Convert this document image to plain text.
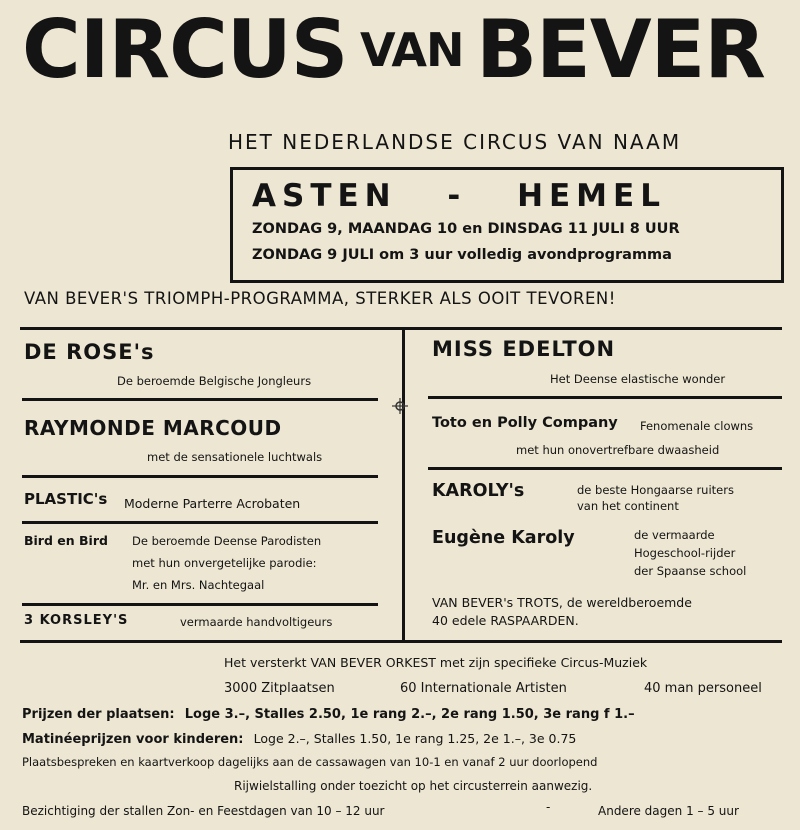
CIRCUS VAN BEVER
HET NEDERLANDSE CIRCUS VAN NAAM
ASTEN - HEMEL
ZONDAG 9, MAANDAG 10 en DINSDAG 11 JULI 8 UUR
ZONDAG 9 JULI om 3 uur volledig avondprogramma
VAN BEVER'S TRIOMPH-PROGRAMMA, STERKER ALS OOIT TEVOREN!
DE ROSE's
De beroemde Belgische Jongleurs
RAYMONDE MARCOUD
met de sensationele luchtwals
PLASTIC's Moderne Parterre Acrobaten
Bird en Bird De beroemde Deense Parodisten
met hun onvergetelijke parodie:
Mr. en Mrs. Nachtegaal
3 KORSLEY'S	vermaarde handvoltigeurs
MISS EDELTON
Het Deense elastische wonder
Toto en Polly Company Fenomenale clowns
met hun onovertrefbare dwaasheid
KAROLY's	de beste Hongaarse ruiters
van het continent
Eugène Karoly	de vermaarde
Hogeschool-rijder
der Spaanse school
VAN BEVER's TROTS, de wereldberoemde
40 edele RASPAARDEN.
Het versterkt VAN BEVER ORKEST met zijn specifieke Circus-Muziek
3000 Zitplaatsen	60 Internationale Artisten	40 man personeel
Prijzen der plaatsen: Loge 3.–, Stalles 2.50, 1e rang 2.–, 2e rang 1.50, 3e rang f 1.–
Matinéeprijzen voor kinderen: Loge 2.–, Stalles 1.50, 1e rang 1.25, 2e 1.–, 3e 0.75
Plaatsbespreken en kaartverkoop dagelijks aan de cassawagen van 10-1 en vanaf 2 uur doorlopend
Rijwielstalling onder toezicht op het circusterrein aanwezig.
Bezichtiging der stallen Zon- en Feestdagen van 10 – 12 uur	-	Andere dagen 1 – 5 uur
